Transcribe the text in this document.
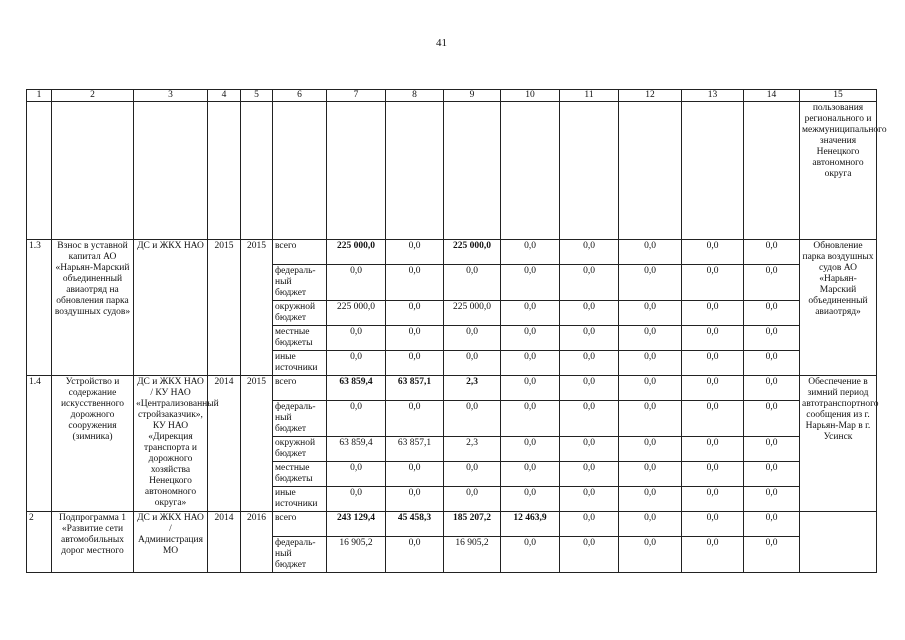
41
1	2	3	4	5	6	7	8	9	10	11	12	13	14	15
														пользования регионального и межмуниципального значения Ненецкого автономного округа
1.3	Взнос в уставной капитал АО «Нарьян-Марский объединенный авиаотряд на обновления парка воздушных судов»	ДС и ЖКХ НАО	2015	2015	всего	225 000,0	0,0	225 000,0	0,0	0,0	0,0	0,0	0,0	Обновление парка воздушных судов АО «Нарьян-Марский объединенный авиаотряд»
					федераль-ный бюджет	0,0	0,0	0,0	0,0	0,0	0,0	0,0	0,0	
					окружной бюджет	225 000,0	0,0	225 000,0	0,0	0,0	0,0	0,0	0,0	
					местные бюджеты	0,0	0,0	0,0	0,0	0,0	0,0	0,0	0,0	
					иные источники	0,0	0,0	0,0	0,0	0,0	0,0	0,0	0,0	
1.4	Устройство и содержание искусственного дорожного сооружения (зимника)	ДС и ЖКХ НАО / КУ НАО «Централизованный стройзаказчик», КУ НАО «Дирекция транспорта и дорожного хозяйства Ненецкого автономного округа»	2014	2015	всего	63 859,4	63 857,1	2,3	0,0	0,0	0,0	0,0	0,0	Обеспечение в зимний период автотранспортного сообщения из г. Нарьян-Мар в г. Усинск
					федераль-ный бюджет	0,0	0,0	0,0	0,0	0,0	0,0	0,0	0,0	
					окружной бюджет	63 859,4	63 857,1	2,3	0,0	0,0	0,0	0,0	0,0	
					местные бюджеты	0,0	0,0	0,0	0,0	0,0	0,0	0,0	0,0	
					иные источники	0,0	0,0	0,0	0,0	0,0	0,0	0,0	0,0	
2	Подпрограмма 1 «Развитие сети автомобильных дорог местного	ДС и ЖКХ НАО / Администрация МО	2014	2016	всего	243 129,4	45 458,3	185 207,2	12 463,9	0,0	0,0	0,0	0,0	
					федераль-ный бюджет	16 905,2	0,0	16 905,2	0,0	0,0	0,0	0,0	0,0	
